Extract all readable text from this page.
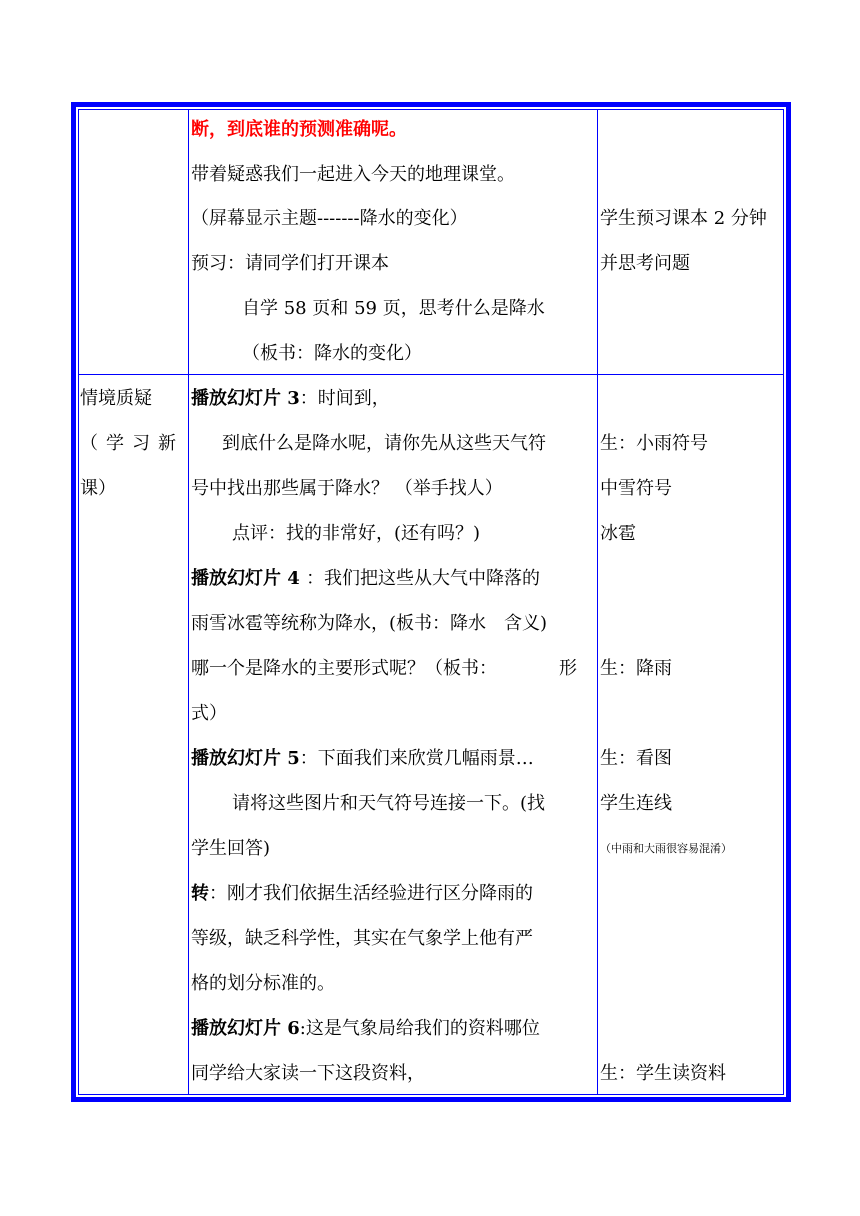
断，到底谁的预测准确呢。
带着疑惑我们一起进入今天的地理课堂。
（屏幕显示主题-------降水的变化）
预习：请同学们打开课本
自学 58 页和 59 页，思考什么是降水
（板书：降水的变化）
学生预习课本 2 分钟
并思考问题
情境质疑
（ 学 习 新
课）
播放幻灯片 3：时间到，
到底什么是降水呢，请你先从这些天气符
号中找出那些属于降水？ （举手找人）
点评：找的非常好，(还有吗？)
播放幻灯片 4 ：我们把这些从大气中降落的
雨雪冰雹等统称为降水，(板书：降水　含义)
哪一个是降水的主要形式呢？（板书：	形
式）
播放幻灯片 5：下面我们来欣赏几幅雨景…
请将这些图片和天气符号连接一下。(找
学生回答)
转：刚才我们依据生活经验进行区分降雨的
等级，缺乏科学性，其实在气象学上他有严
格的划分标准的。
播放幻灯片 6:这是气象局给我们的资料哪位
同学给大家读一下这段资料，
生：小雨符号
中雪符号
冰雹
生：降雨
生：看图
学生连线
（中雨和大雨很容易混淆）
生：学生读资料
